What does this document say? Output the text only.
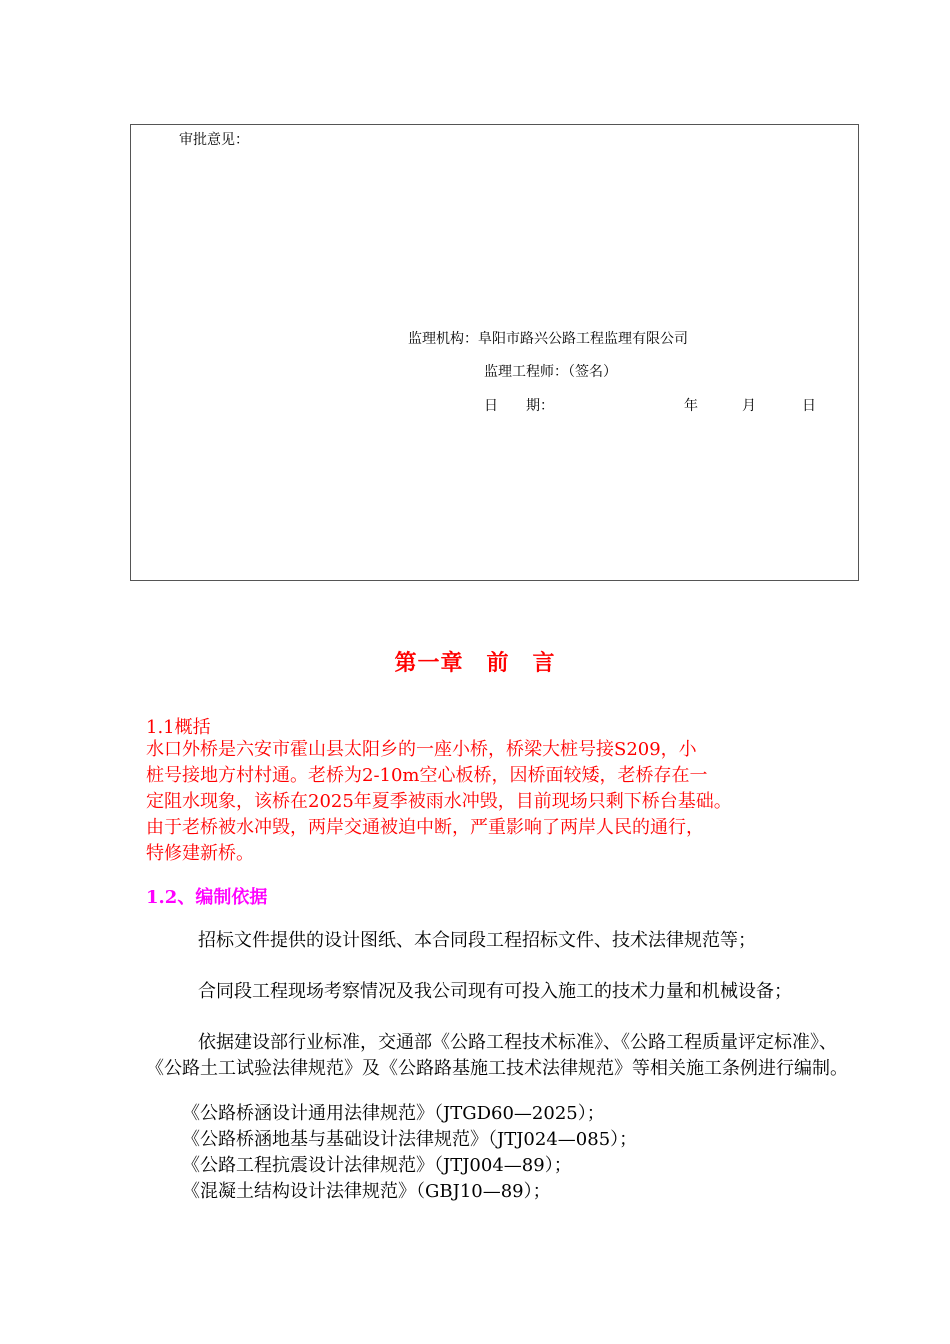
审批意见：
监理机构：阜阳市路兴公路工程监理有限公司
监理工程师：（签名）
日　　期：	年	月	日
第一章　前　言
1.1概括
水口外桥是六安市霍山县太阳乡的一座小桥，桥梁大桩号接S209，小
桩号接地方村村通。老桥为2-10m空心板桥，因桥面较矮，老桥存在一
定阻水现象，该桥在2025年夏季被雨水冲毁，目前现场只剩下桥台基础。
由于老桥被水冲毁，两岸交通被迫中断，严重影响了两岸人民的通行，
特修建新桥。
1.2、编制依据
招标文件提供的设计图纸、本合同段工程招标文件、技术法律规范等；
合同段工程现场考察情况及我公司现有可投入施工的技术力量和机械设备；
依据建设部行业标准，交通部《公路工程技术标准》、《公路工程质量评定标准》、《公路土工试验法律规范》及《公路路基施工技术法律规范》等相关施工条例进行编制。
《公路桥涵设计通用法律规范》（JTGD60—2025）；
《公路桥涵地基与基础设计法律规范》（JTJ024—085）；
《公路工程抗震设计法律规范》（JTJ004—89）；
《混凝土结构设计法律规范》（GBJ10—89）；
